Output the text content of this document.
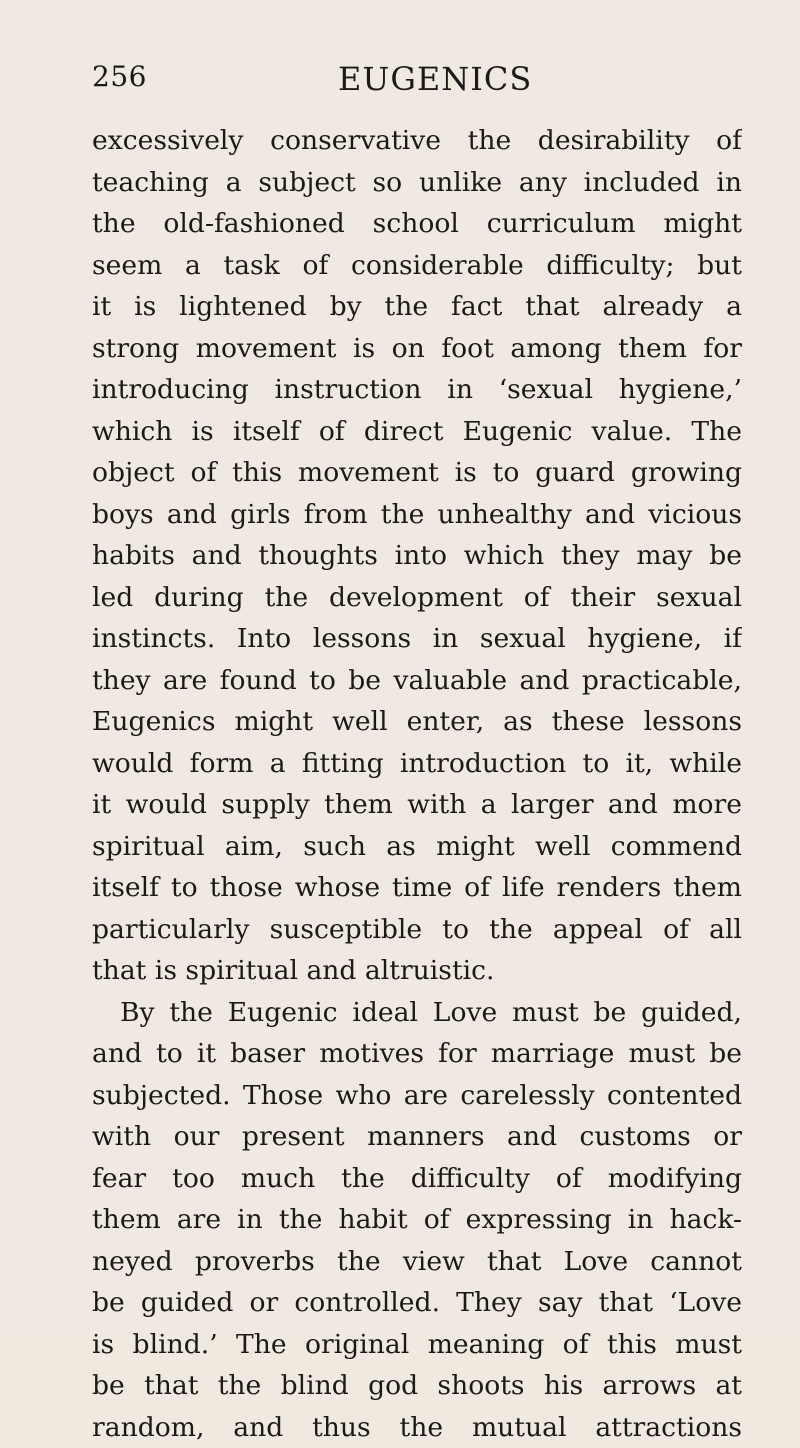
256	EUGENICS
excessively conservative the desirability of
teaching a subject so unlike any included in
the old-fashioned school curriculum might
seem a task of considerable difficulty; but
it is lightened by the fact that already a
strong movement is on foot among them for
introducing instruction in ‘sexual hygiene,’
which is itself of direct Eugenic value. The
object of this movement is to guard growing
boys and girls from the unhealthy and vicious
habits and thoughts into which they may be
led during the development of their sexual
instincts. Into lessons in sexual hygiene, if
they are found to be valuable and practicable,
Eugenics might well enter, as these lessons
would form a fitting introduction to it, while
it would supply them with a larger and more
spiritual aim, such as might well commend
itself to those whose time of life renders them
particularly susceptible to the appeal of all
that is spiritual and altruistic.
By the Eugenic ideal Love must be guided,
and to it baser motives for marriage must be
subjected. Those who are carelessly contented
with our present manners and customs or
fear too much the difficulty of modifying
them are in the habit of expressing in hack-
neyed proverbs the view that Love cannot
be guided or controlled. They say that ‘Love
is blind.’ The original meaning of this must
be that the blind god shoots his arrows at
random, and thus the mutual attractions
